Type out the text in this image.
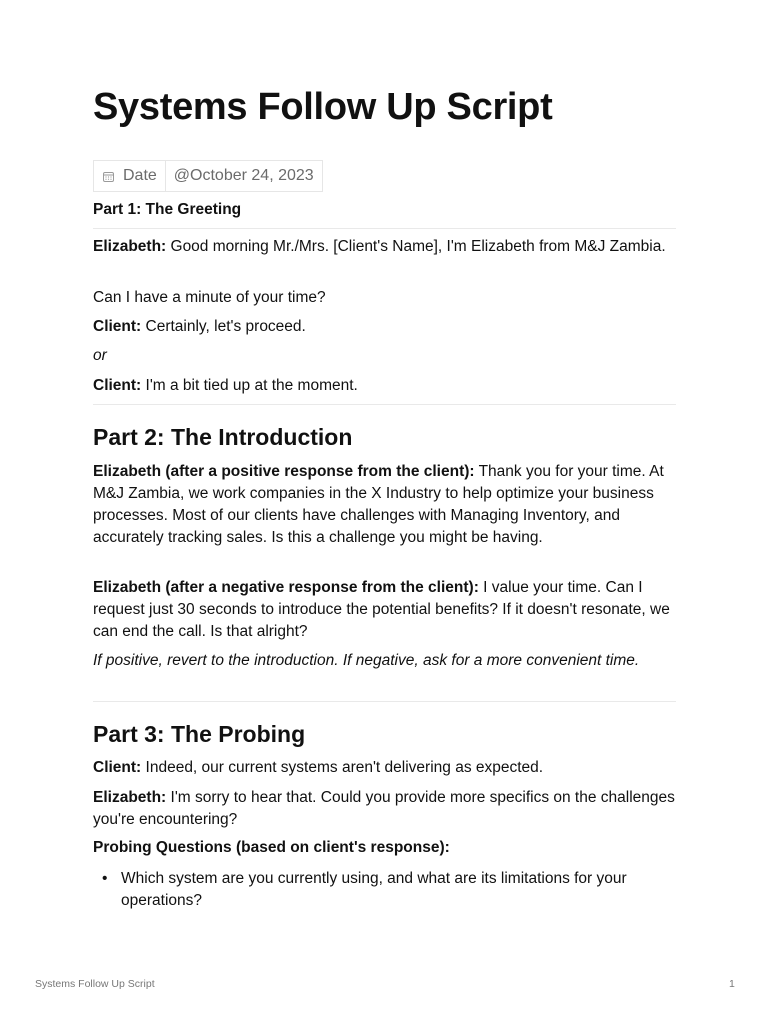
Systems Follow Up Script
Date	@October 24, 2023

Part 1: The Greeting

Elizabeth: Good morning Mr./Mrs. [Client's Name], I'm Elizabeth from M&J Zambia.

Can I have a minute of your time?

Client: Certainly, let's proceed.

or

Client: I'm a bit tied up at the moment.

Part 2: The Introduction

Elizabeth (after a positive response from the client): Thank you for your time. At M&J Zambia, we work companies in the X Industry to help optimize your business processes. Most of our clients have challenges with Managing Inventory, and accurately tracking sales. Is this a challenge you might be having.

Elizabeth (after a negative response from the client): I value your time. Can I request just 30 seconds to introduce the potential benefits? If it doesn't resonate, we can end the call. Is that alright?

If positive, revert to the introduction. If negative, ask for a more convenient time.

Part 3: The Probing

Client: Indeed, our current systems aren't delivering as expected.

Elizabeth: I'm sorry to hear that. Could you provide more specifics on the challenges you're encountering?

Probing Questions (based on client's response):

• Which system are you currently using, and what are its limitations for your operations?
Systems Follow Up Script	1
